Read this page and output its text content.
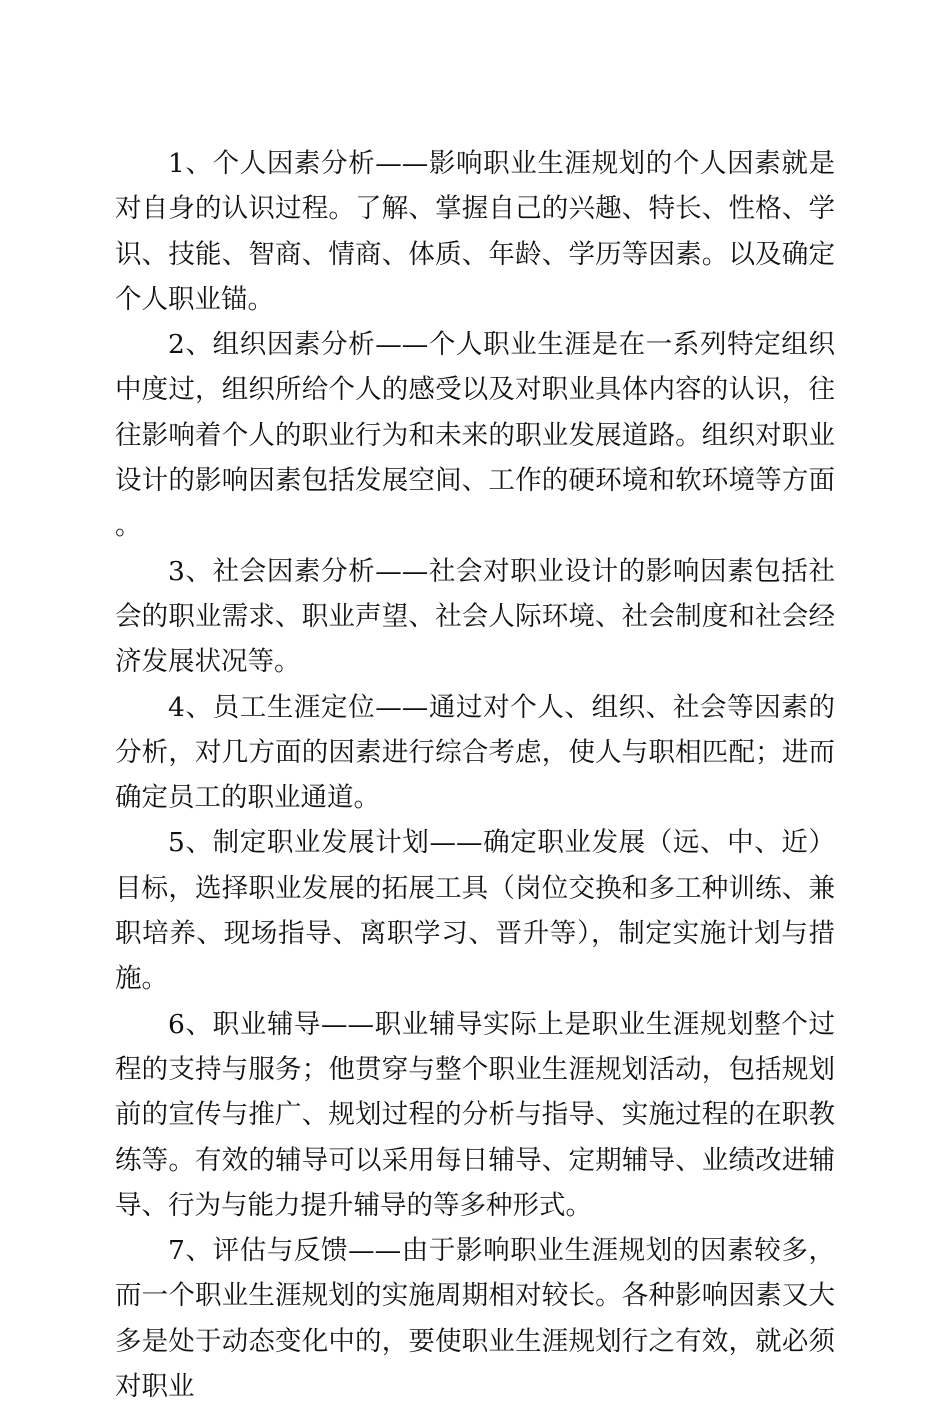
1、个人因素分析——影响职业生涯规划的个人因素就是对自身的认识过程。了解、掌握自己的兴趣、特长、性格、学识、技能、智商、情商、体质、年龄、学历等因素。以及确定个人职业锚。

2、组织因素分析——个人职业生涯是在一系列特定组织中度过，组织所给个人的感受以及对职业具体内容的认识，往往影响着个人的职业行为和未来的职业发展道路。组织对职业设计的影响因素包括发展空间、工作的硬环境和软环境等方面。

3、社会因素分析——社会对职业设计的影响因素包括社会的职业需求、职业声望、社会人际环境、社会制度和社会经济发展状况等。

4、员工生涯定位——通过对个人、组织、社会等因素的分析，对几方面的因素进行综合考虑，使人与职相匹配；进而确定员工的职业通道。

5、制定职业发展计划——确定职业发展（远、中、近）目标，选择职业发展的拓展工具（岗位交换和多工种训练、兼职培养、现场指导、离职学习、晋升等），制定实施计划与措施。

6、职业辅导——职业辅导实际上是职业生涯规划整个过程的支持与服务；他贯穿与整个职业生涯规划活动，包括规划前的宣传与推广、规划过程的分析与指导、实施过程的在职教练等。有效的辅导可以采用每日辅导、定期辅导、业绩改进辅导、行为与能力提升辅导的等多种形式。

7、评估与反馈——由于影响职业生涯规划的因素较多，而一个职业生涯规划的实施周期相对较长。各种影响因素又大多是处于动态变化中的，要使职业生涯规划行之有效，就必须对职业
